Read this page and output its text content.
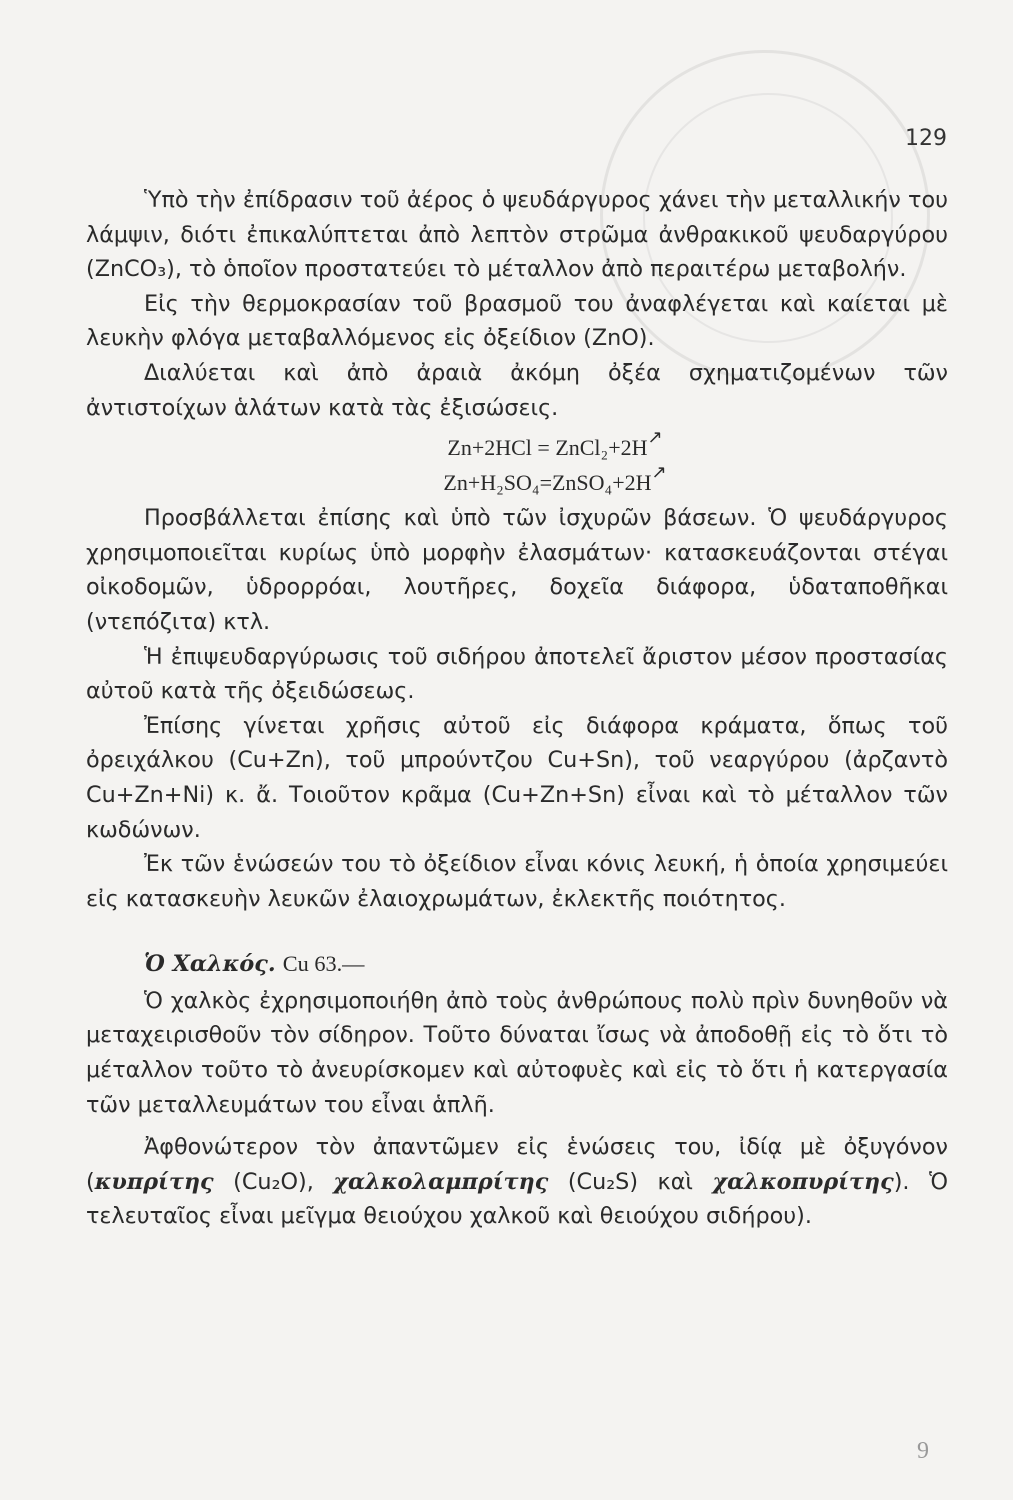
129

Ὑπὸ τὴν ἐπίδρασιν τοῦ ἀέρος ὁ ψευδάργυρος χάνει τὴν μεταλλικήν του λάμψιν, διότι ἐπικαλύπτεται ἀπὸ λεπτὸν στρῶμα ἀνθρακικοῦ ψευδαργύρου (ZnCO₃), τὸ ὁποῖον προστατεύει τὸ μέταλλον ἀπὸ περαιτέρω μεταβολήν.

Εἰς τὴν θερμοκρασίαν τοῦ βρασμοῦ του ἀναφλέγεται καὶ καίεται μὲ λευκὴν φλόγα μεταβαλλόμενος εἰς ὀξείδιον (ZnO).

Διαλύεται καὶ ἀπὸ ἀραιὰ ἀκόμη ὀξέα σχηματιζομένων τῶν ἀντιστοίχων ἁλάτων κατὰ τὰς ἐξισώσεις.

Zn+2HCl = ZnCl₂+2H↗
Zn+H₂SO₄=ZnSO₄+2H↗

Προσβάλλεται ἐπίσης καὶ ὑπὸ τῶν ἰσχυρῶν βάσεων. Ὁ ψευδάργυρος χρησιμοποιεῖται κυρίως ὑπὸ μορφὴν ἐλασμάτων· κατασκευάζονται στέγαι οἰκοδομῶν, ὑδρορρόαι, λουτῆρες, δοχεῖα διάφορα, ὑδαταποθῆκαι (ντεπόζιτα) κτλ.

Ἡ ἐπιψευδαργύρωσις τοῦ σιδήρου ἀποτελεῖ ἄριστον μέσον προστασίας αὐτοῦ κατὰ τῆς ὀξειδώσεως.

Ἐπίσης γίνεται χρῆσις αὐτοῦ εἰς διάφορα κράματα, ὅπως τοῦ ὀρειχάλκου (Cu+Zn), τοῦ μπρούντζου Cu+Sn), τοῦ νεαργύρου (ἀρζαντὸ Cu+Zn+Ni) κ. ἄ. Τοιοῦτον κρᾶμα (Cu+Zn+Sn) εἶναι καὶ τὸ μέταλλον τῶν κωδώνων.

Ἐκ τῶν ἑνώσεών του τὸ ὀξείδιον εἶναι κόνις λευκή, ἡ ὁποία χρησιμεύει εἰς κατασκευὴν λευκῶν ἐλαιοχρωμάτων, ἐκλεκτῆς ποιότητος.

Ὁ Χαλκός. Cu 63.—

Ὁ χαλκὸς ἐχρησιμοποιήθη ἀπὸ τοὺς ἀνθρώπους πολὺ πρὶν δυνηθοῦν νὰ μεταχειρισθοῦν τὸν σίδηρον. Τοῦτο δύναται ἴσως νὰ ἀποδοθῇ εἰς τὸ ὅτι τὸ μέταλλον τοῦτο τὸ ἀνευρίσκομεν καὶ αὐτοφυὲς καὶ εἰς τὸ ὅτι ἡ κατεργασία τῶν μεταλλευμάτων του εἶναι ἁπλῆ.

Ἀφθονώτερον τὸν ἀπαντῶμεν εἰς ἑνώσεις του, ἰδίᾳ μὲ ὀξυγόνον (κυπρίτης (Cu₂O), χαλκολαμπρίτης (Cu₂S) καὶ χαλκοπυρίτης). Ὁ τελευταῖος εἶναι μεῖγμα θειούχου χαλκοῦ καὶ θειούχου σιδήρου).

9
